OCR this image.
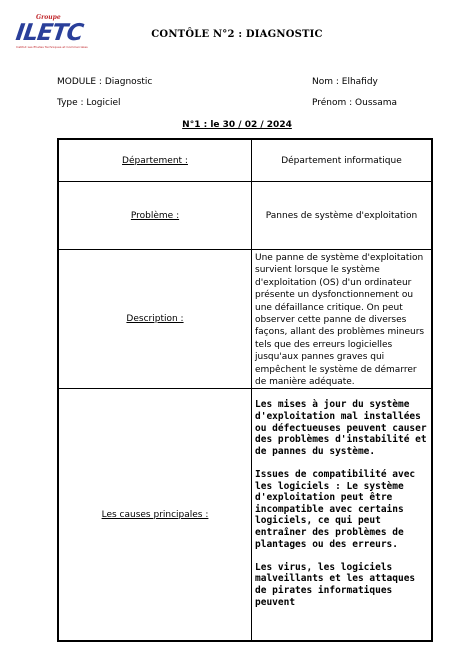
Groupe
ILETC
Institut Les Etudes Techniques et Commerciales
CONTÔLE N°2 : DIAGNOSTIC
MODULE : Diagnostic	Nom : Elhafidy
Type : Logiciel	Prénom : Oussama
N°1 : le 30 / 02 / 2024
Département :	Département informatique
Problème :	Pannes de système d'exploitation
Description :	Une panne de système d'exploitation survient lorsque le système d'exploitation (OS) d'un ordinateur présente un dysfonctionnement ou une défaillance critique. On peut observer cette panne de diverses façons, allant des problèmes mineurs tels que des erreurs logicielles jusqu'aux pannes graves qui empêchent le système de démarrer de manière adéquate.

Les causes principales :	Les mises à jour du système d'exploitation mal installées ou défectueuses peuvent causer des problèmes d'instabilité et de pannes du système.

Issues de compatibilité avec les logiciels : Le système d'exploitation peut être incompatible avec certains logiciels, ce qui peut entraîner des problèmes de plantages ou des erreurs.

Les virus, les logiciels malveillants et les attaques de pirates informatiques peuvent
